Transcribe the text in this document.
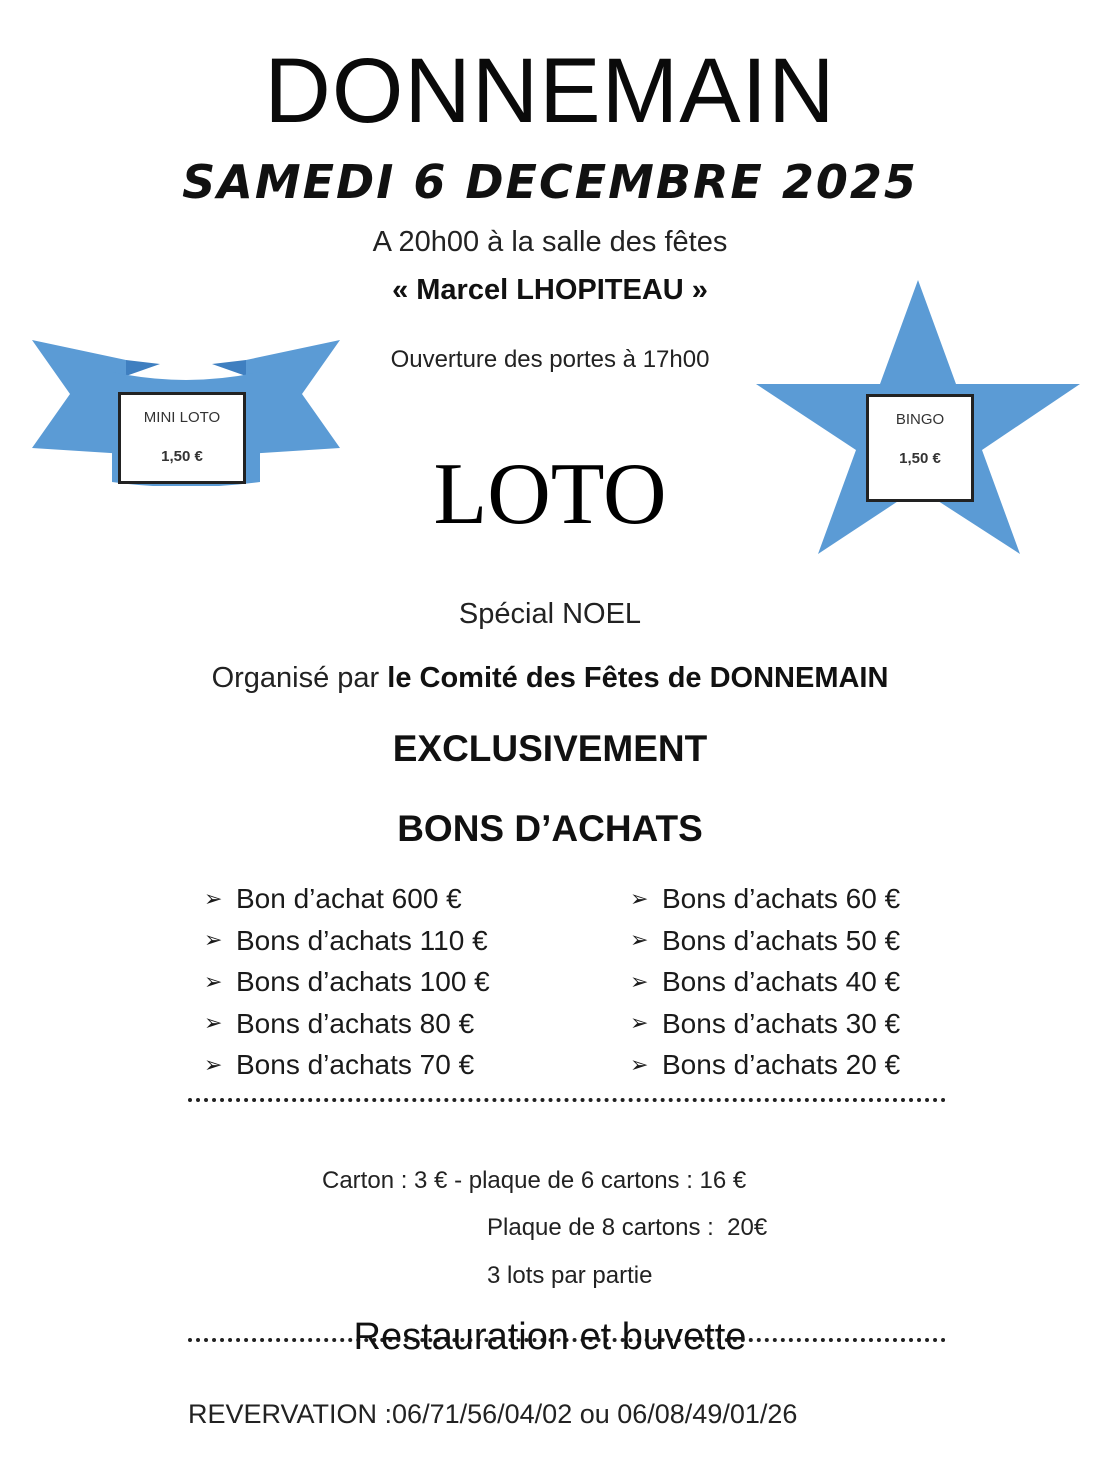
DONNEMAIN
SAMEDI 6 DECEMBRE 2025
A 20h00 à la salle des fêtes
« Marcel LHOPITEAU »
Ouverture des portes à 17h00
MINI LOTO
1,50 €
BINGO
1,50 €
LOTO
Spécial NOEL
Organisé par le Comité des Fêtes de DONNEMAIN
EXCLUSIVEMENT
BONS D’ACHATS
➢ Bon d’achat 600 €
➢ Bons d’achats 110 €
➢ Bons d’achats 100 €
➢ Bons d’achats 80 €
➢ Bons d’achats 70 €
➢ Bons d’achats 60 €
➢ Bons d’achats 50 €
➢ Bons d’achats 40 €
➢ Bons d’achats 30 €
➢ Bons d’achats 20 €
Carton : 3 € - plaque de 6 cartons : 16 €
Plaque de 8 cartons :  20€
3 lots par partie
Restauration et buvette
REVERVATION :06/71/56/04/02 ou 06/08/49/01/26
